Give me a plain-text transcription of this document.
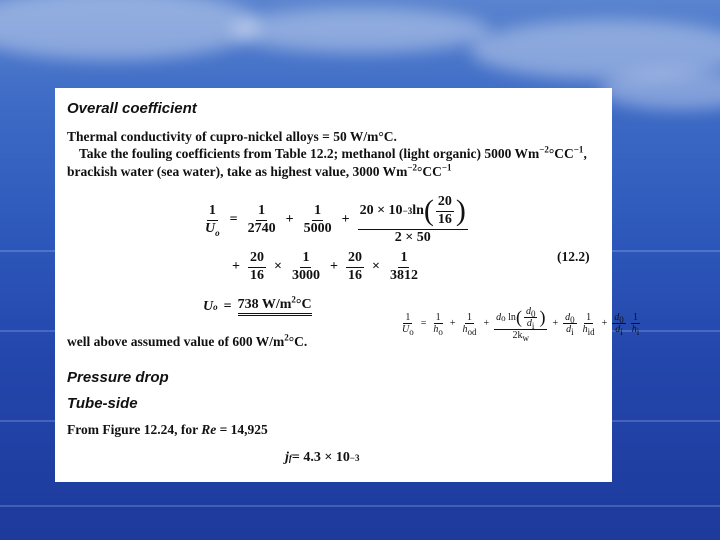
Overall coefficient
Thermal conductivity of cupro-nickel alloys = 50 W/m°C.
Take the fouling coefficients from Table 12.2; methanol (light organic) 5000 $Wm^{-2}^\circ CC^{-1}$,
brackish water (sea water), take as highest value, 3000 $Wm^{-2}^\circ CC^{-1}$
$\frac{1}{U_o} = \frac{1}{2740} + \frac{1}{5000} + \frac{20 \times 10 -3 \ln ( \frac{20}{16} )}{2 \times 50}$
+ $\frac{20}{16} \times \frac{1}{3000} + \frac{20}{16} \times \frac{1}{3812}$	(12.2)
U o = 738 $W/m^2^\circ C$
well above assumed value of 600 $W/m^2^\circ C$.
$\frac{1}{U_o} = \frac{1}{h_o} + \frac{1}{h_{od}} + d$ o
ln ( $\frac{d_0}{d_i}$ )
$2k_w + \frac{d_0}{d_i} \frac{1}{h_{id}} + \frac{d_0}{d_i} \frac{1}{h_i}$
Pressure drop
Tube-side
From Figure 12.24, for Re = 14,925
j f = 4.3 × 10 −3
